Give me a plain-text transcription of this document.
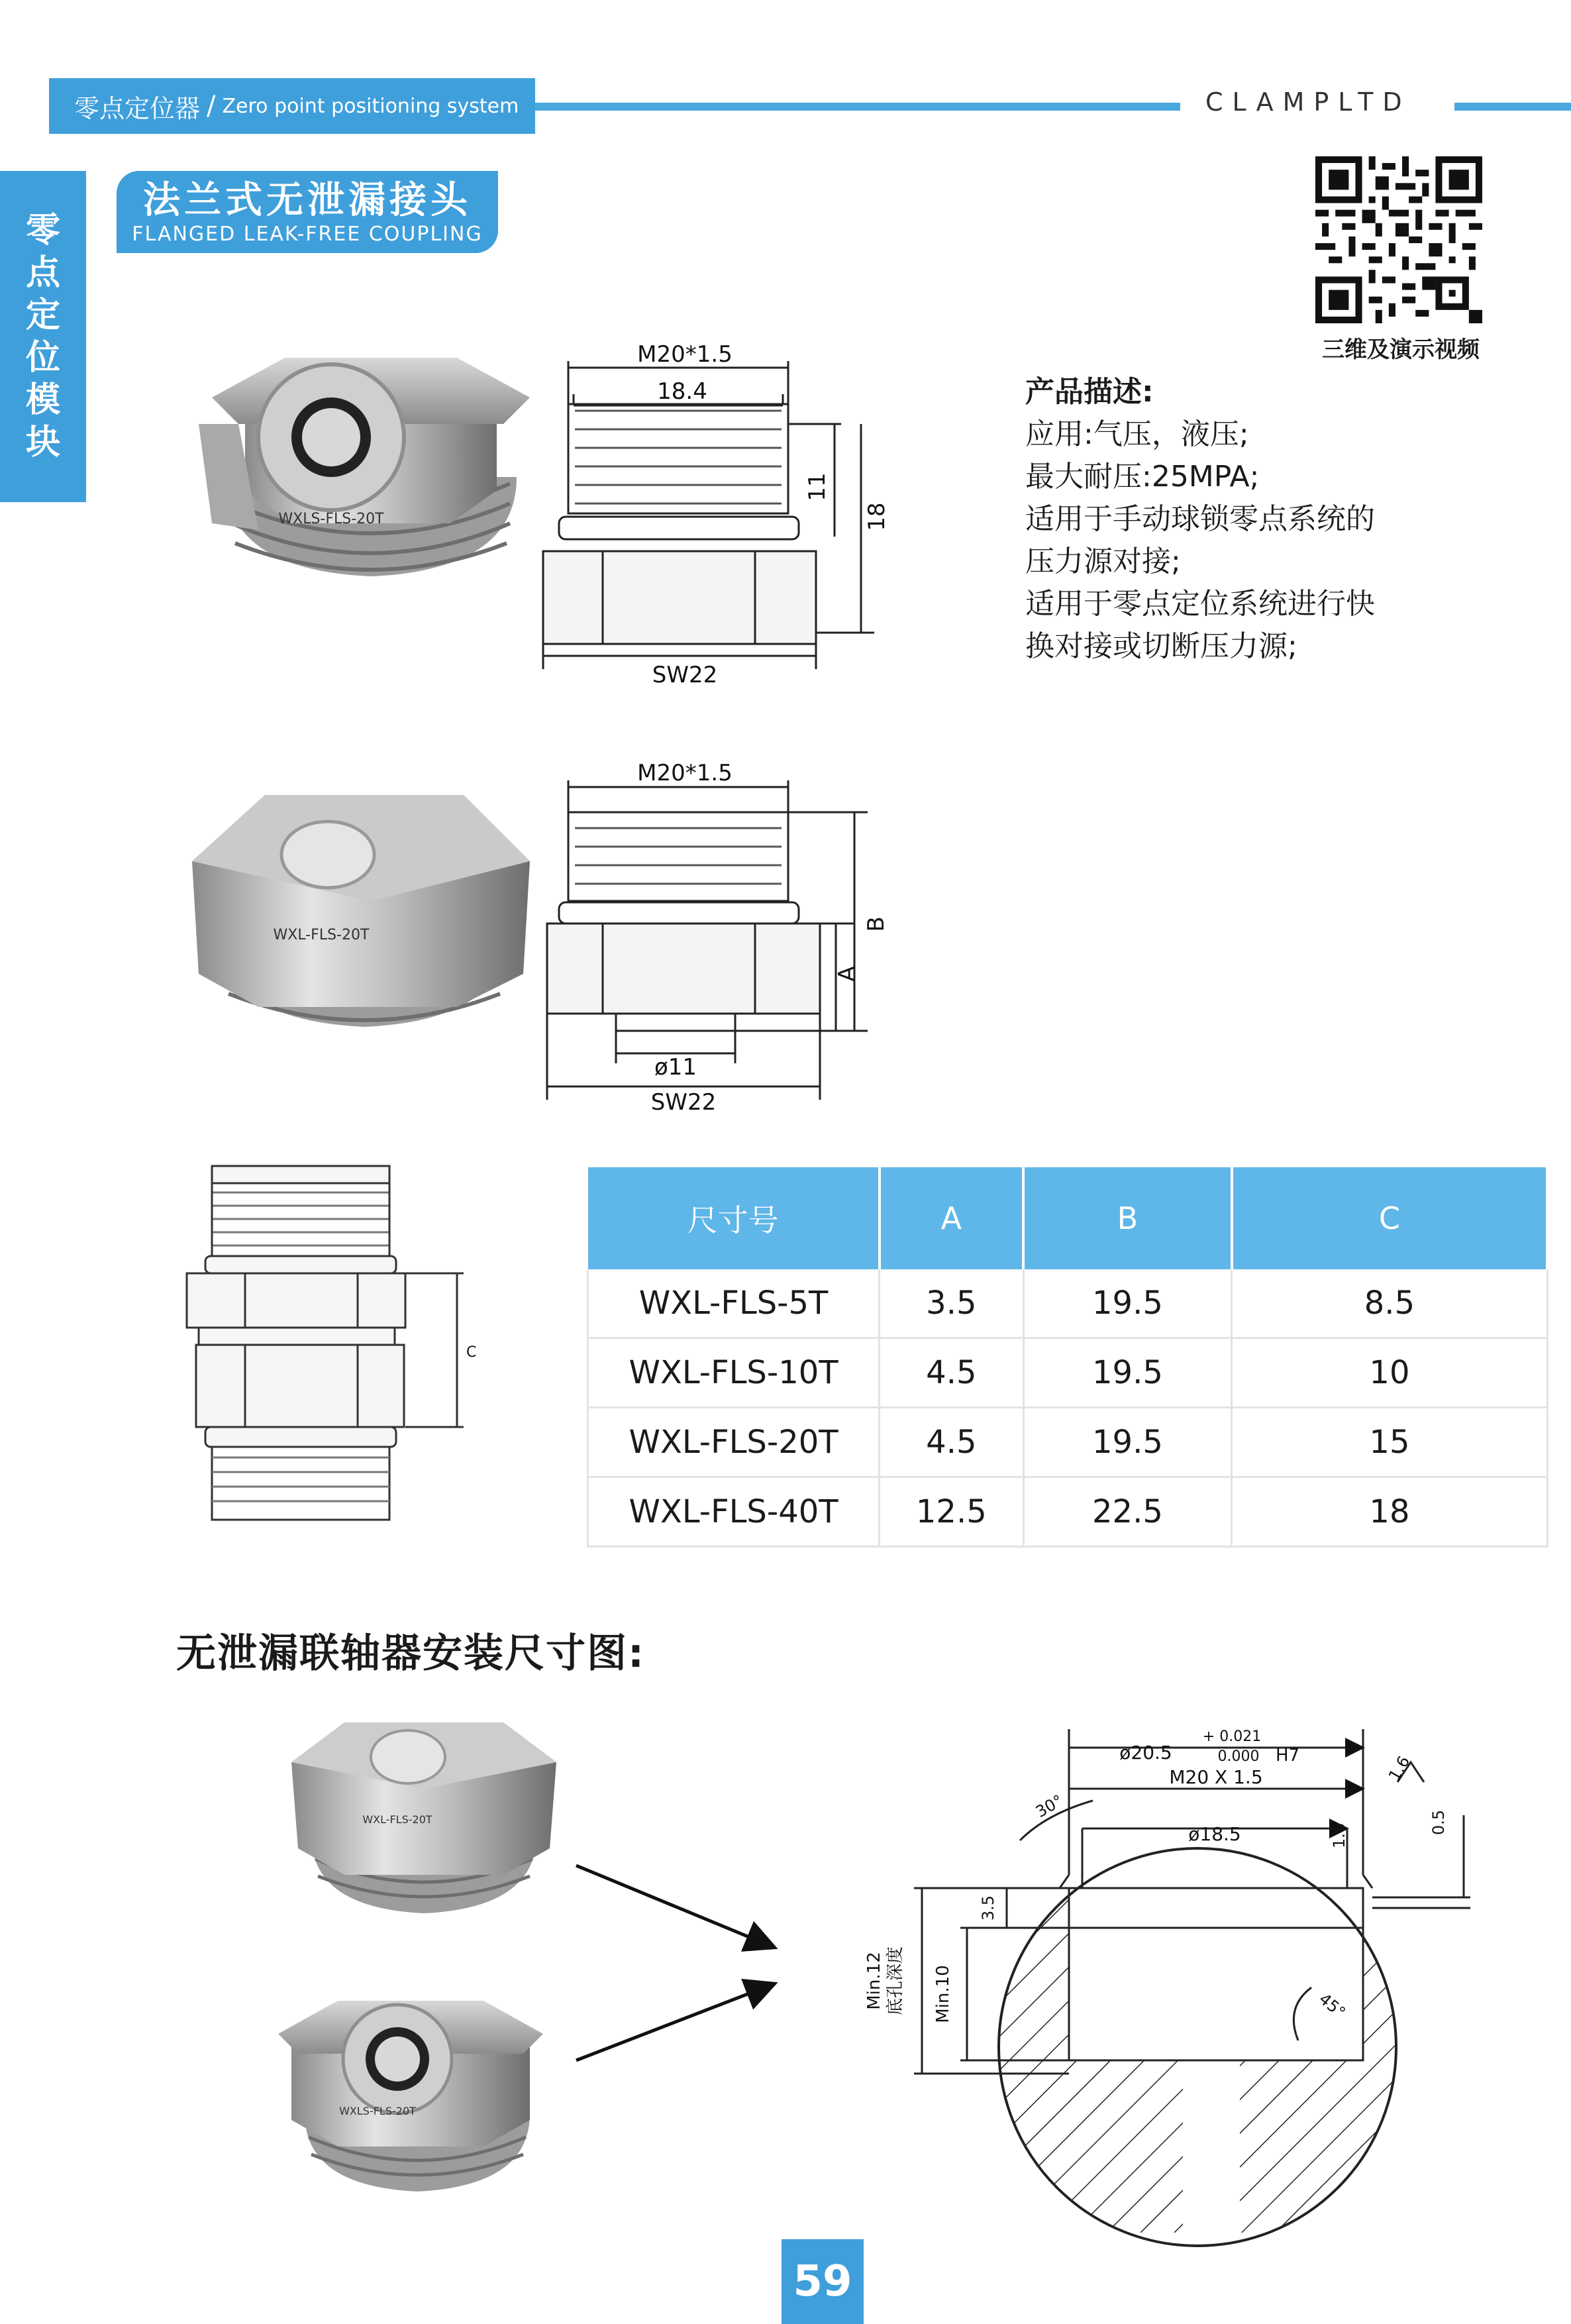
零点定位器 / Zero point positioning system	CLAMPLTD
零
点
定
位
模
块
法兰式无泄漏接头
FLANGED LEAK-FREE COUPLING
三维及演示视频
产品描述:
应用:气压，液压;
最大耐压:25MPA;
适用于手动球锁零点系统的
压力源对接;
适用于零点定位系统进行快
换对接或切断压力源;
WXLS-FLS-20T
WXL-FLS-20T
M20*1.5
18.4
11
18
SW22
M20*1.5
B
A
ø11
SW22
C
WXL-FLS-20T
WXLS-FLS-20T
ø20.5
+ 0.021
0.000 H7
M20 X 1.5
ø18.5
30°
45°
1.6
1.6
0.5
3.5
Min.10
Min.12 底孔深度
尺寸号	A	B	C
WXL-FLS-5T	3.5	19.5	8.5
WXL-FLS-10T	4.5	19.5	10
WXL-FLS-20T	4.5	19.5	15
WXL-FLS-40T	12.5	22.5	18
无泄漏联轴器安装尺寸图:
59
